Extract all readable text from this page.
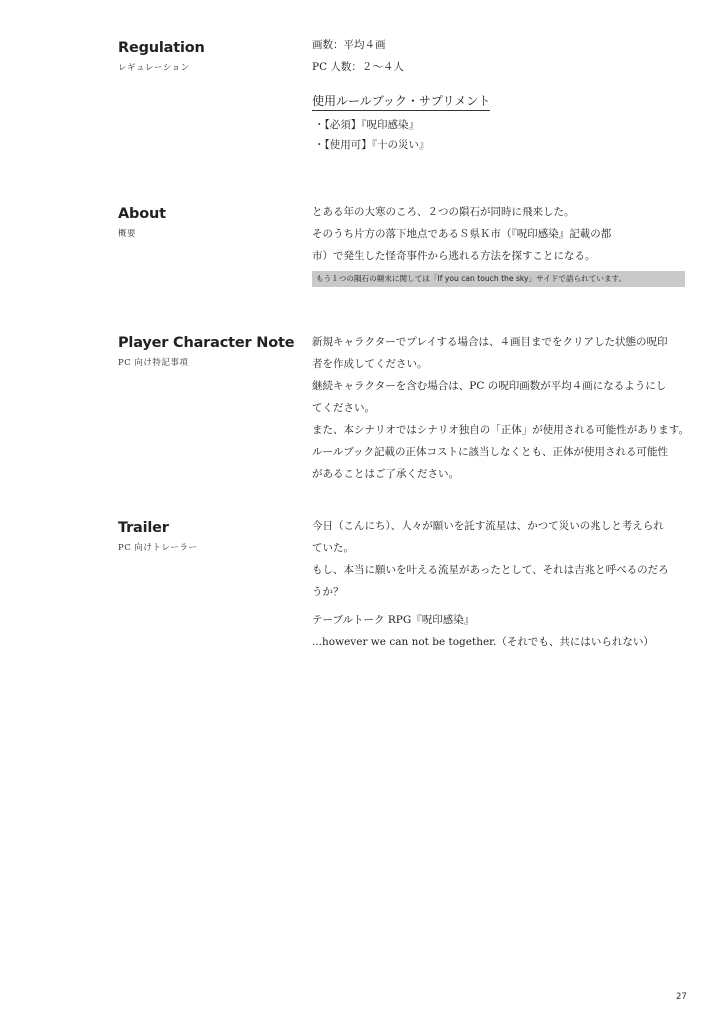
Regulation
レギュレーション
画数：平均４画
PC 人数：２～４人
使用ルールブック・サプリメント
・【必須】『呪印感染』
・【使用可】『十の災い』
About
概要
とある年の大寒のころ、２つの隕石が同時に飛来した。
そのうち片方の落下地点であるＳ県Ｋ市（『呪印感染』記載の都
市）で発生した怪奇事件から逃れる方法を探すことになる。
もう１つの隕石の顛末に関しては「If you can touch the sky」サイドで語られています。
Player Character Note
PC 向け特記事項
新規キャラクターでプレイする場合は、４画目までをクリアした状態の呪印
者を作成してください。
継続キャラクターを含む場合は、PC の呪印画数が平均４画になるようにし
てください。
また、本シナリオではシナリオ独自の「正体」が使用される可能性があります。
ルールブック記載の正体コストに該当しなくとも、正体が使用される可能性
があることはご了承ください。
Trailer
PC 向けトレーラー
今日（こんにち）、人々が願いを託す流星は、かつて災いの兆しと考えられ
ていた。
もし、本当に願いを叶える流星があったとして、それは吉兆と呼べるのだろ
うか？
テーブルトーク RPG『呪印感染』
...however we can not be together.（それでも、共にはいられない）
27
